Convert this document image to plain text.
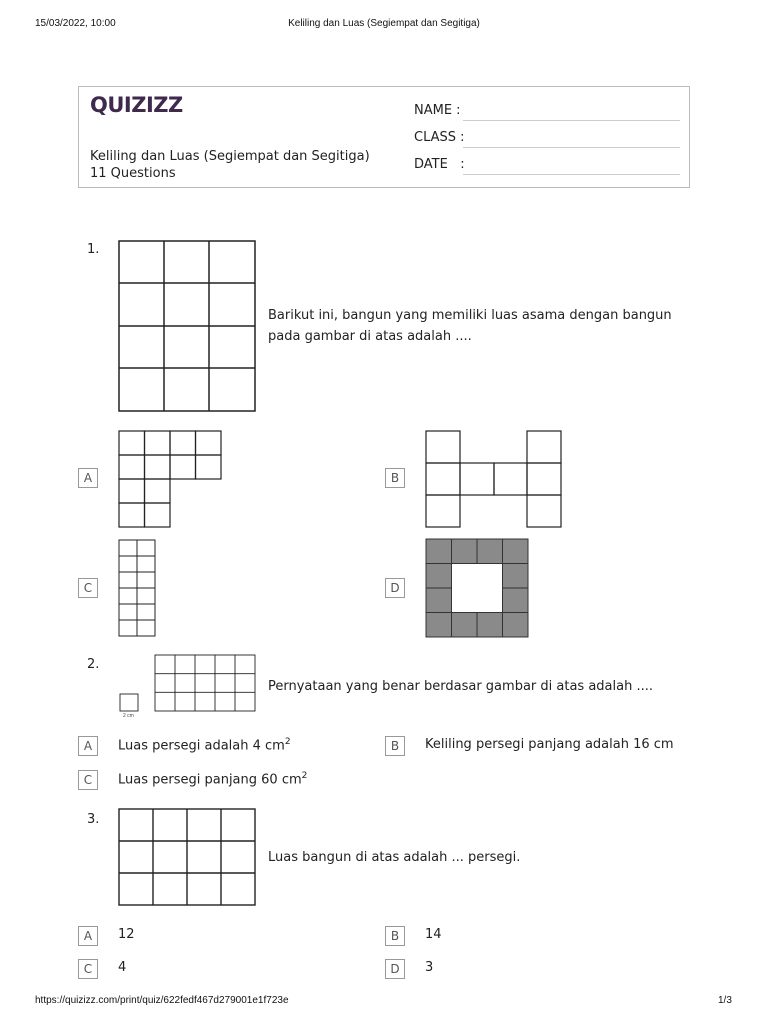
15/03/2022, 10:00	Keliling dan Luas (Segiempat dan Segitiga)
QUIZIZZ
Keliling dan Luas (Segiempat dan Segitiga)
11 Questions
NAME :
CLASS :
DATE   :
1.
Barikut ini, bangun yang memiliki luas asama dengan bangun pada gambar di atas adalah ....
A	B
C	D
2.
2 cm
Pernyataan yang benar berdasar gambar di atas adalah ....
A	Luas persegi adalah 4 $cm^2$	B	Keliling persegi panjang adalah 16 cm
C	Luas persegi panjang 60 $cm^2$
3.
Luas bangun di atas adalah ... persegi.
A	12	B	14
C	4	D	3
https://quizizz.com/print/quiz/622fedf467d279001e1f723e	1/3
